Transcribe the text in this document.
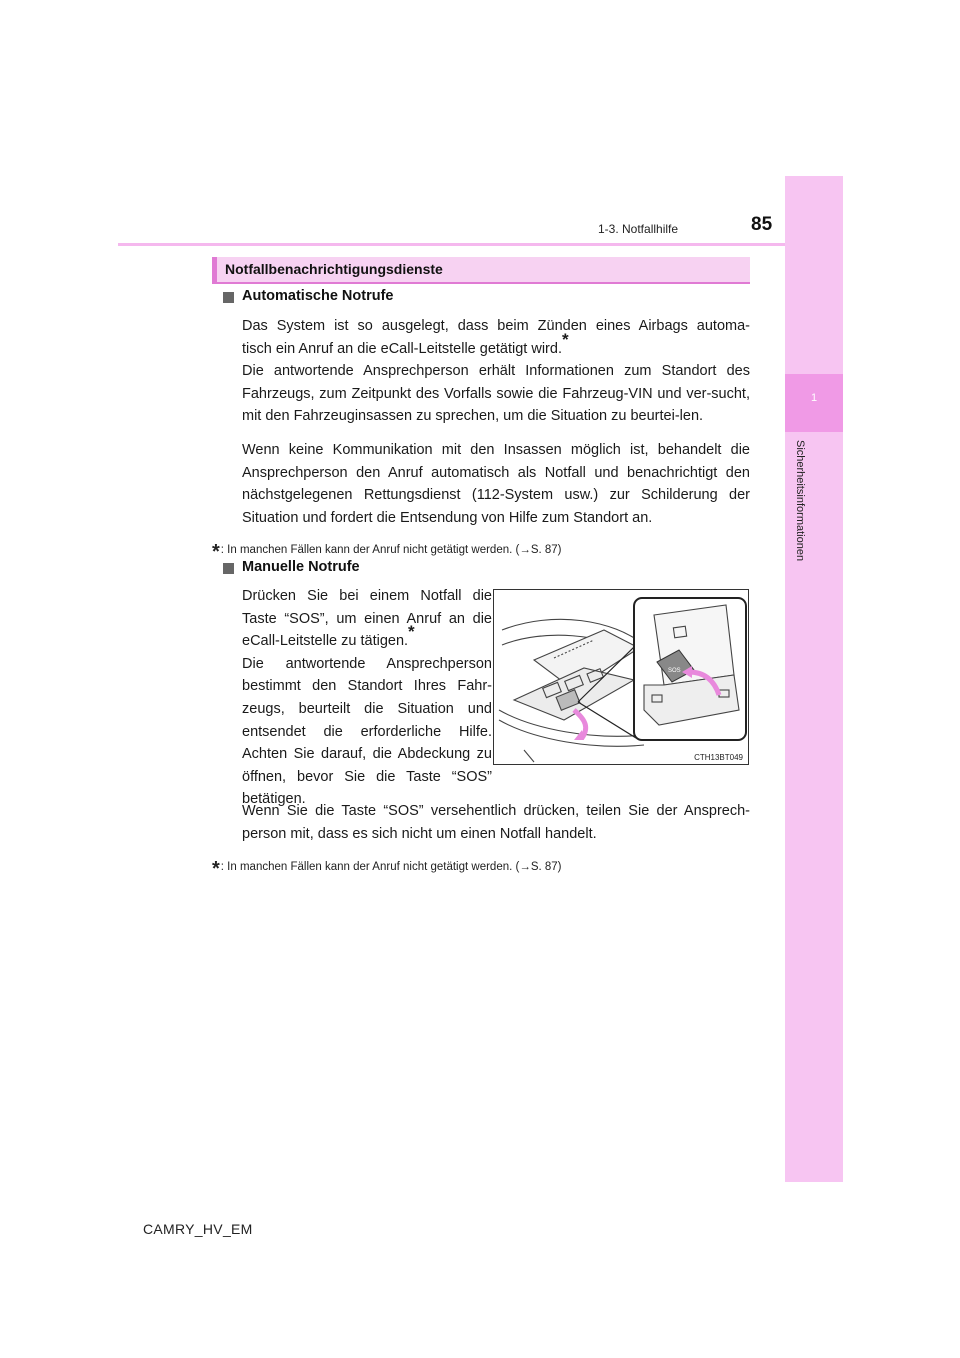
1-3. Notfallhilfe	85
1
Sicherheitsinformationen
Notfallbenachrichtigungsdienste
Automatische Notrufe

Das System ist so ausgelegt, dass beim Zünden eines Airbags automa-

tisch ein Anruf an die eCall-Leitstelle getätigt wird.*

Die antwortende Ansprechperson erhält Informationen zum Standort des Fahrzeugs, zum Zeitpunkt des Vorfalls sowie die Fahrzeug-VIN und ver-sucht, mit den Fahrzeuginsassen zu sprechen, um die Situation zu beurtei-len.

Wenn keine Kommunikation mit den Insassen möglich ist, behandelt die Ansprechperson den Anruf automatisch als Notfall und benachrichtigt den nächstgelegenen Rettungsdienst (112-System usw.) zur Schilderung der Situation und fordert die Entsendung von Hilfe zum Standort an.

*: In manchen Fällen kann der Anruf nicht getätigt werden. (→S. 87)
Manuelle Notrufe

Drücken Sie bei einem Notfall die Taste “SOS”, um einen Anruf an die eCall-Leitstelle zu tätigen.*

Die antwortende Ansprechperson bestimmt den Standort Ihres Fahr-zeugs, beurteilt die Situation und entsendet die erforderliche Hilfe. Achten Sie darauf, die Abdeckung zu öffnen, bevor Sie die Taste “SOS” betätigen.

SOS
CTH13BT049

Wenn Sie die Taste “SOS” versehentlich drücken, teilen Sie der Ansprech-person mit, dass es sich nicht um einen Notfall handelt.

*: In manchen Fällen kann der Anruf nicht getätigt werden. (→S. 87)
CAMRY_HV_EM
